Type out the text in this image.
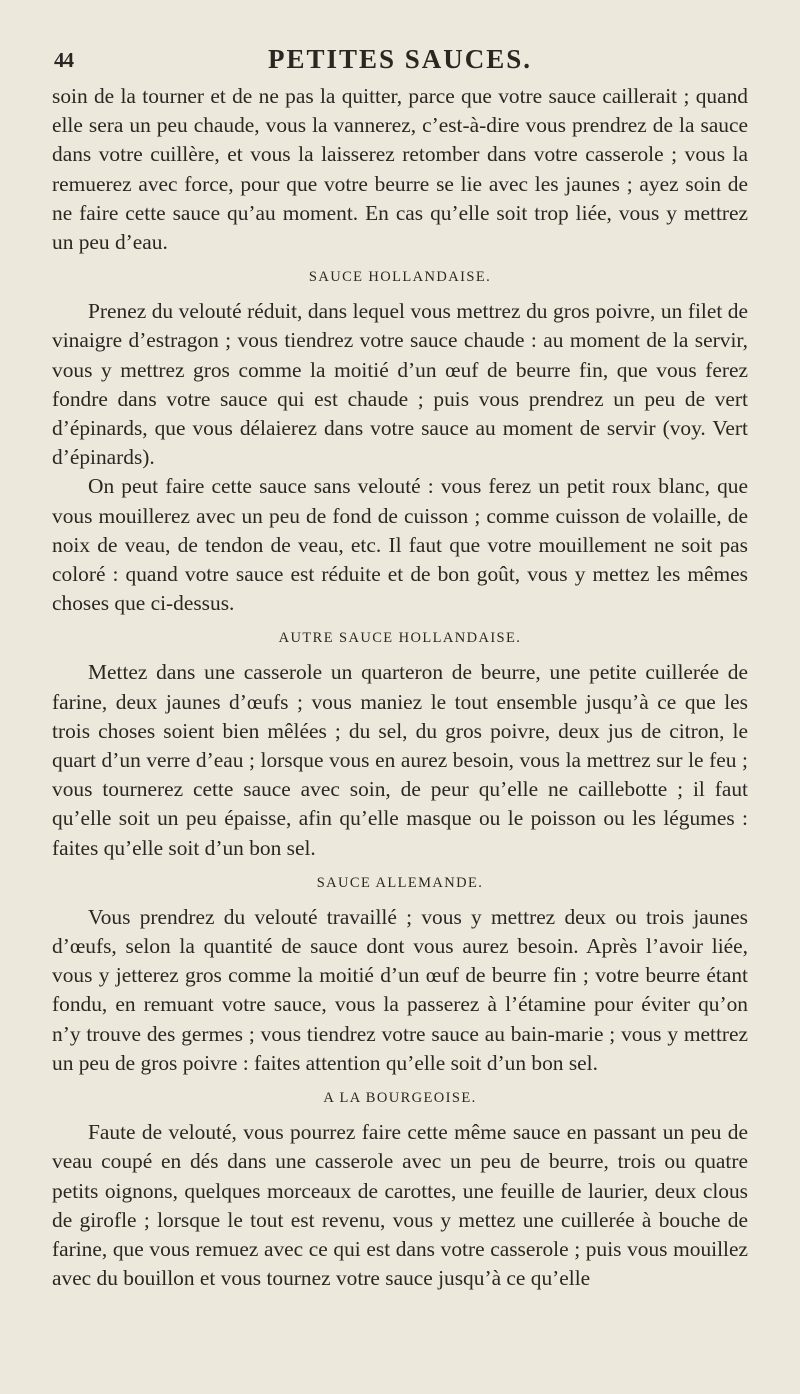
44	PETITES SAUCES.

soin de la tourner et de ne pas la quitter, parce que votre sauce caillerait ; quand elle sera un peu chaude, vous la vannerez, c’est-à-dire vous prendrez de la sauce dans votre cuillère, et vous la laisserez retomber dans votre casserole ; vous la remuerez avec force, pour que votre beurre se lie avec les jaunes ; ayez soin de ne faire cette sauce qu’au moment. En cas qu’elle soit trop liée, vous y mettrez un peu d’eau.

SAUCE HOLLANDAISE.

Prenez du velouté réduit, dans lequel vous mettrez du gros poivre, un filet de vinaigre d’estragon ; vous tiendrez votre sauce chaude : au moment de la servir, vous y mettrez gros comme la moitié d’un œuf de beurre fin, que vous ferez fondre dans votre sauce qui est chaude ; puis vous prendrez un peu de vert d’épinards, que vous délaierez dans votre sauce au moment de servir (voy. Vert d’épinards).

On peut faire cette sauce sans velouté : vous ferez un petit roux blanc, que vous mouillerez avec un peu de fond de cuisson ; comme cuisson de volaille, de noix de veau, de tendon de veau, etc. Il faut que votre mouillement ne soit pas coloré : quand votre sauce est réduite et de bon goût, vous y mettez les mêmes choses que ci-dessus.

AUTRE SAUCE HOLLANDAISE.

Mettez dans une casserole un quarteron de beurre, une petite cuillerée de farine, deux jaunes d’œufs ; vous maniez le tout ensemble jusqu’à ce que les trois choses soient bien mêlées ; du sel, du gros poivre, deux jus de citron, le quart d’un verre d’eau ; lorsque vous en aurez besoin, vous la mettrez sur le feu ; vous tournerez cette sauce avec soin, de peur qu’elle ne caillebotte ; il faut qu’elle soit un peu épaisse, afin qu’elle masque ou le poisson ou les légumes : faites qu’elle soit d’un bon sel.

SAUCE ALLEMANDE.

Vous prendrez du velouté travaillé ; vous y mettrez deux ou trois jaunes d’œufs, selon la quantité de sauce dont vous aurez besoin. Après l’avoir liée, vous y jetterez gros comme la moitié d’un œuf de beurre fin ; votre beurre étant fondu, en remuant votre sauce, vous la passerez à l’étamine pour éviter qu’on n’y trouve des germes ; vous tiendrez votre sauce au bain-marie ; vous y mettrez un peu de gros poivre : faites attention qu’elle soit d’un bon sel.

A LA BOURGEOISE.

Faute de velouté, vous pourrez faire cette même sauce en passant un peu de veau coupé en dés dans une casserole avec un peu de beurre, trois ou quatre petits oignons, quelques morceaux de carottes, une feuille de laurier, deux clous de girofle ; lorsque le tout est revenu, vous y mettez une cuillerée à bouche de farine, que vous remuez avec ce qui est dans votre casserole ; puis vous mouillez avec du bouillon et vous tournez votre sauce jusqu’à ce qu’elle
